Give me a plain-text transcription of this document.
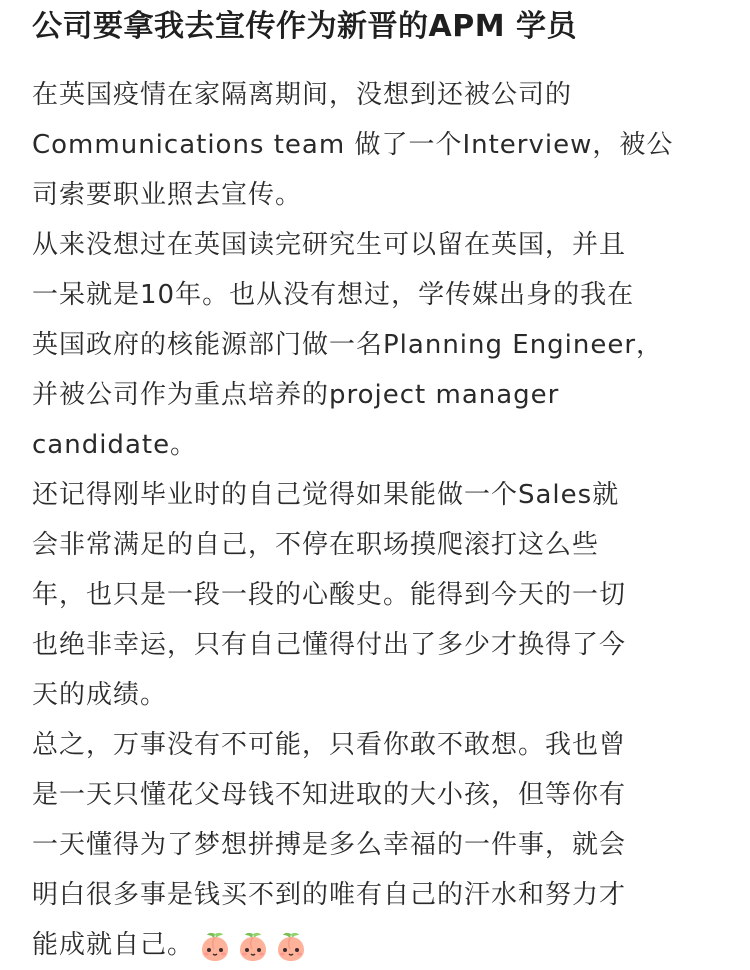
公司要拿我去宣传作为新晋的APM 学员
在英国疫情在家隔离期间，没想到还被公司的
Communications team 做了一个Interview，被公
司索要职业照去宣传。
从来没想过在英国读完研究生可以留在英国，并且
一呆就是10年。也从没有想过，学传媒出身的我在
英国政府的核能源部门做一名Planning Engineer，
并被公司作为重点培养的project manager
candidate。
还记得刚毕业时的自己觉得如果能做一个Sales就
会非常满足的自己，不停在职场摸爬滚打这么些
年，也只是一段一段的心酸史。能得到今天的一切
也绝非幸运，只有自己懂得付出了多少才换得了今
天的成绩。
总之，万事没有不可能，只看你敢不敢想。我也曾
是一天只懂花父母钱不知进取的大小孩，但等你有
一天懂得为了梦想拼搏是多么幸福的一件事，就会
明白很多事是钱买不到的唯有自己的汗水和努力才
能成就自己。
